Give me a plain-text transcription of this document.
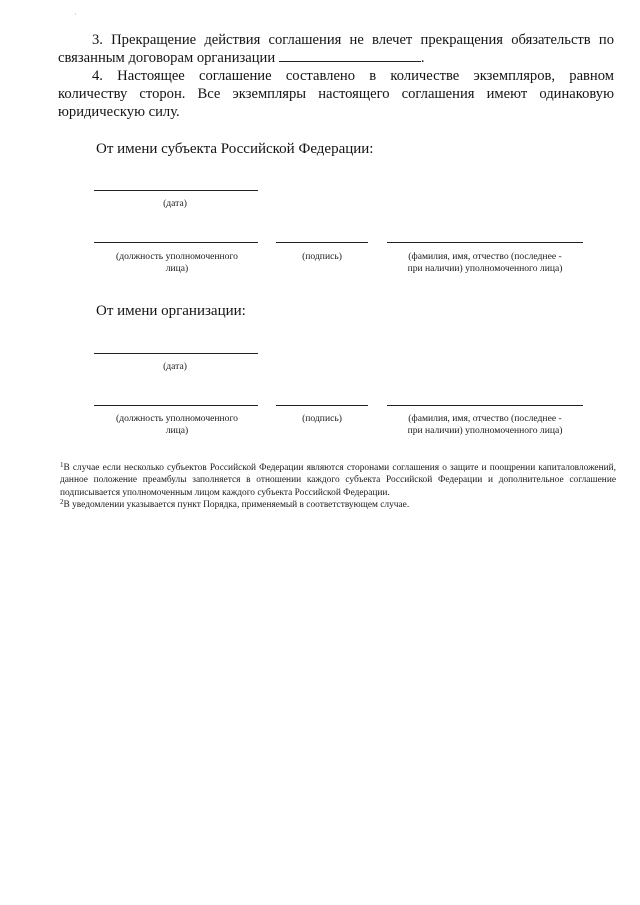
·
3. Прекращение действия соглашения не влечет прекращения обязательств по
связанным договорам организации	.
4. Настоящее соглашение составлено в количестве экземпляров, равном
количеству сторон. Все экземпляры настоящего соглашения имеют одинаковую
юридическую силу.
От имени субъекта Российской Федерации:
(дата)
(должность уполномоченного
лица)
(подпись)	(фамилия, имя, отчество (последнее -
при наличии) уполномоченного лица)
От имени организации:
(дата)
(должность уполномоченного
лица)
(подпись)	(фамилия, имя, отчество (последнее -
при наличии) уполномоченного лица)
$^1$В случае если несколько субъектов Российской Федерации являются сторонами соглашения о защите и поощрении капиталовложений, данное положение преамбулы заполняется в отношении каждого субъекта Российской Федерации и дополнительное соглашение подписывается уполномоченным лицом каждого субъекта Российской Федерации.
$^2$В уведомлении указывается пункт Порядка, применяемый в соответствующем случае.
